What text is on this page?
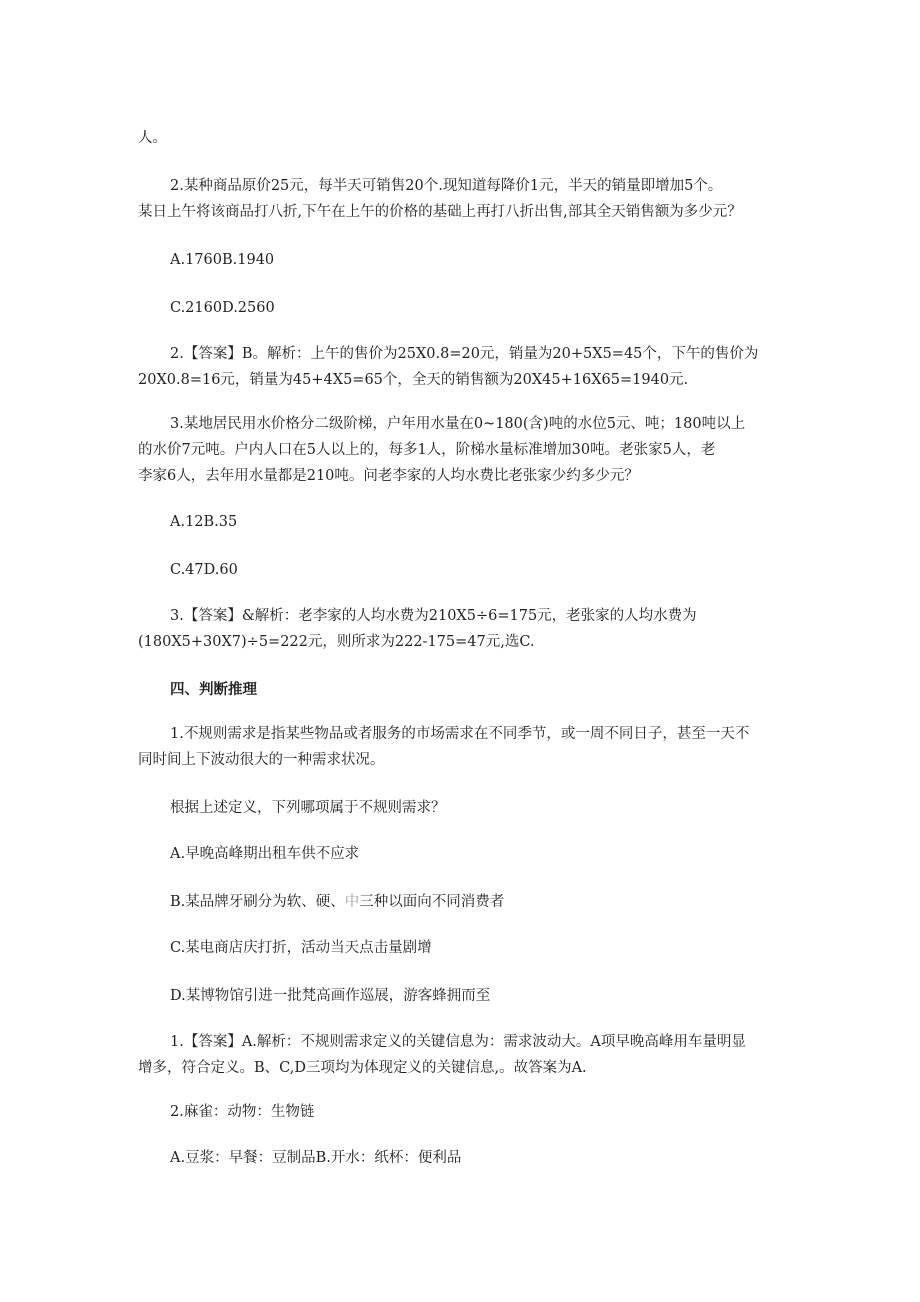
人。
2.某种商品原价25元，每半天可销售20个.现知道每降价1元，半天的销量即增加5个。
某日上午将该商品打八折,下午在上午的价格的基础上再打八折出售,部其全天销售额为多少元？
A.1760B.1940
C.2160D.2560
2.【答案】B。解析：上午的售价为25X0.8=20元，销量为20+5X5=45个，下午的售价为
20X0.8=16元，销量为45+4X5=65个，全天的销售额为20X45+16X65=1940元.
3.某地居民用水价格分二级阶梯，户年用水量在0~180(含)吨的水位5元、吨；180吨以上
的水价7元吨。户内人口在5人以上的，每多1人，阶梯水量标准增加30吨。老张家5人，老
李家6人，去年用水量都是210吨。问老李家的人均水费比老张家少约多少元？
A.12B.35
C.47D.60
3.【答案】&解析：老李家的人均水费为210X5÷6=175元，老张家的人均水费为
(180X5+30X7)÷5=222元，则所求为222-175=47元,选C.
四、判断推理
1.不规则需求是指某些物品或者服务的市场需求在不同季节，或一周不同日子，甚至一天不
同时间上下波动很大的一种需求状况。
根据上述定义，下列哪项属于不规则需求？
A.早晚高峰期出租车供不应求
B.某品牌牙刷分为软、硬、中三种以面向不同消费者
C.某电商店庆打折，活动当天点击量剧增
D.某博物馆引进一批梵高画作巡展，游客蜂拥而至
1.【答案】A.解析：不规则需求定义的关键信息为：需求波动大。A项早晚高峰用车量明显
增多，符合定义。B、C,D三项均为体现定义的关键信息,。故答案为A.
2.麻雀：动物：生物链
A.豆浆：早餐：豆制品B.开水：纸杯：便利品
